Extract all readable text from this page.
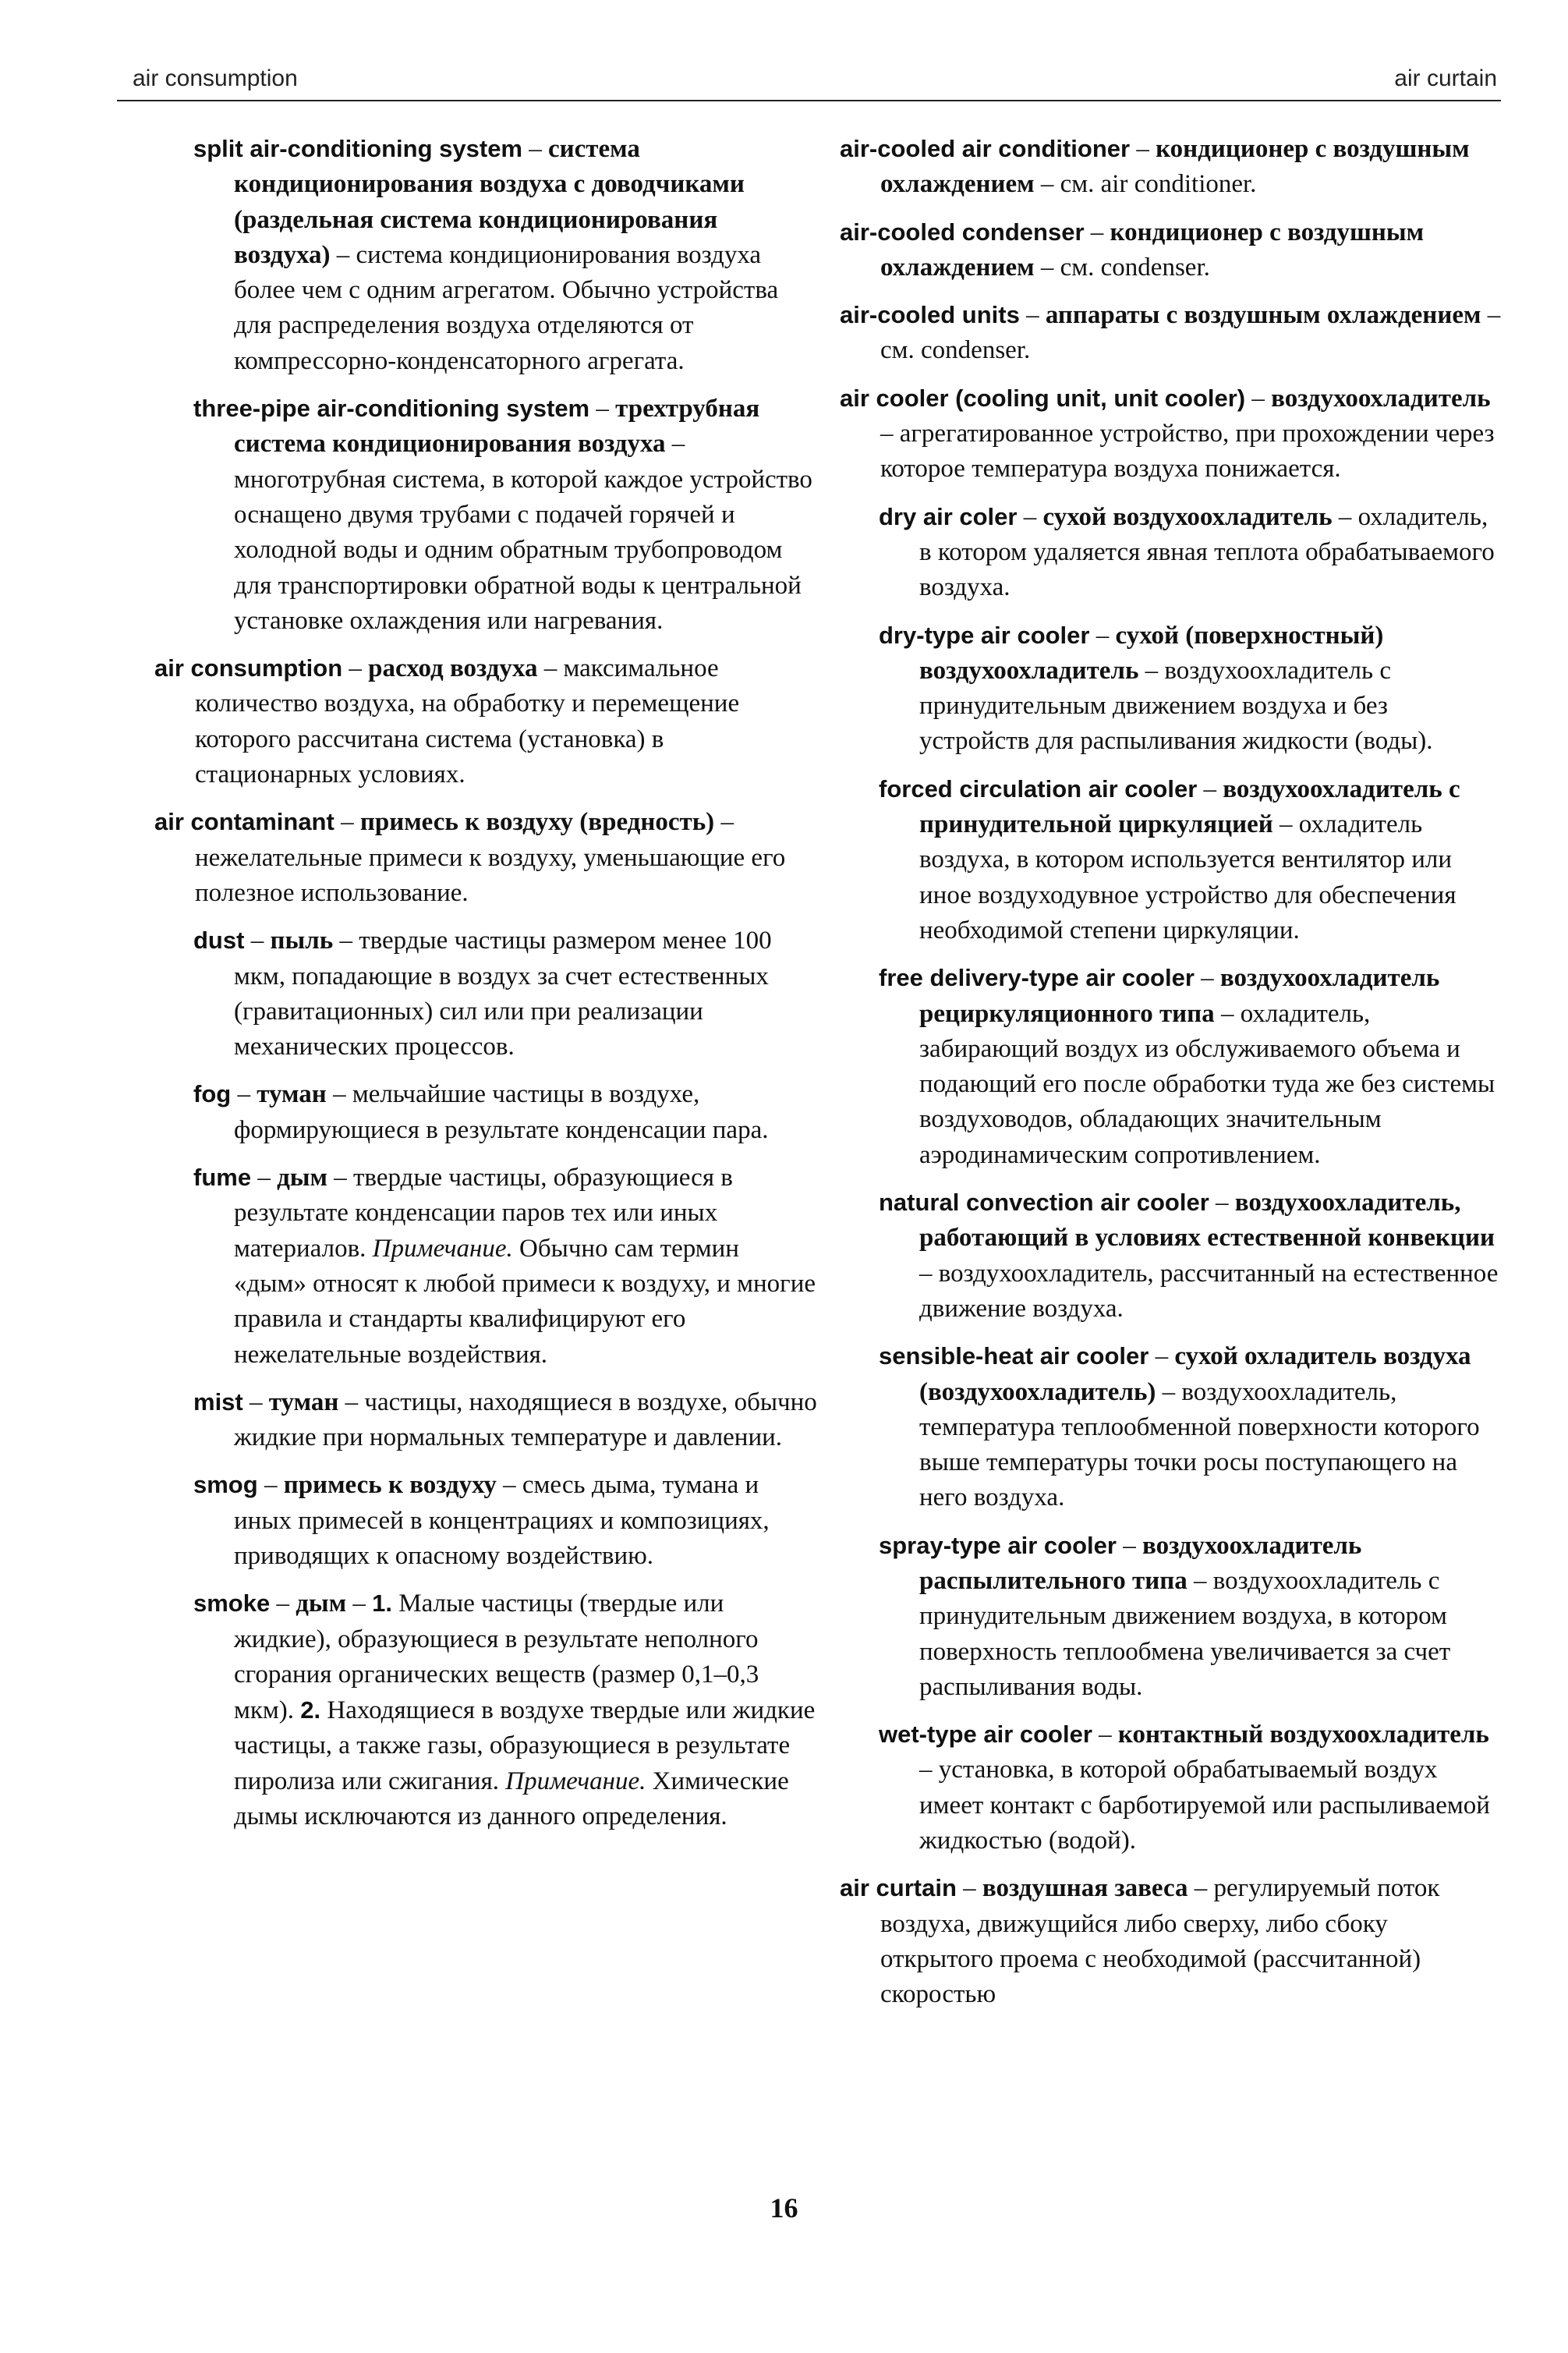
air consumption	air curtain

split air-conditioning system – система кондиционирования воздуха с доводчиками (раздельная система кондиционирования воздуха) – система кондиционирования воздуха более чем с одним агрегатом. Обычно устройства для распределения воздуха отделяются от компрессорно-конденсаторного агрегата.

three-pipe air-conditioning system – трехтрубная система кондиционирования воздуха – многотрубная система, в которой каждое устройство оснащено двумя трубами с подачей горячей и холодной воды и одним обратным трубопроводом для транспортировки обратной воды к центральной установке охлаждения или нагревания.

air consumption – расход воздуха – максимальное количество воздуха, на обработку и перемещение которого рассчитана система (установка) в стационарных условиях.

air contaminant – примесь к воздуху (вредность) – нежелательные примеси к воздуху, уменьшающие его полезное использование.

dust – пыль – твердые частицы размером менее 100 мкм, попадающие в воздух за счет естественных (гравитационных) сил или при реализации механических процессов.

fog – туман – мельчайшие частицы в воздухе, формирующиеся в результате конденсации пара.

fume – дым – твердые частицы, образующиеся в результате конденсации паров тех или иных материалов. Примечание. Обычно сам термин «дым» относят к любой примеси к воздуху, и многие правила и стандарты квалифицируют его нежелательные воздействия.

mist – туман – частицы, находящиеся в воздухе, обычно жидкие при нормальных температуре и давлении.

smog – примесь к воздуху – смесь дыма, тумана и иных примесей в концентрациях и композициях, приводящих к опасному воздействию.

smoke – дым – 1. Малые частицы (твердые или жидкие), образующиеся в результате неполного сгорания органических веществ (размер 0,1–0,3 мкм). 2. Находящиеся в воздухе твердые или жидкие частицы, а также газы, образующиеся в результате пиролиза или сжигания. Примечание. Химические дымы исключаются из данного определения.

air-cooled air conditioner – кондиционер с воздушным охлаждением – см. air conditioner.

air-cooled condenser – кондиционер с воздушным охлаждением – см. condenser.

air-cooled units – аппараты с воздушным охлаждением – см. condenser.

air cooler (cooling unit, unit cooler) – воздухоохладитель – агрегатированное устройство, при прохождении через которое температура воздуха понижается.

dry air coler – сухой воздухоохладитель – охладитель, в котором удаляется явная теплота обрабатываемого воздуха.

dry-type air cooler – сухой (поверхностный) воздухоохладитель – воздухоохладитель с принудительным движением воздуха и без устройств для распыливания жидкости (воды).

forced circulation air cooler – воздухоохладитель с принудительной циркуляцией – охладитель воздуха, в котором используется вентилятор или иное воздуходувное устройство для обеспечения необходимой степени циркуляции.

free delivery-type air cooler – воздухоохладитель рециркуляционного типа – охладитель, забирающий воздух из обслуживаемого объема и подающий его после обработки туда же без системы воздуховодов, обладающих значительным аэродинамическим сопротивлением.

natural convection air cooler – воздухоохладитель, работающий в условиях естественной конвекции – воздухоохладитель, рассчитанный на естественное движение воздуха.

sensible-heat air cooler – сухой охладитель воздуха (воздухоохладитель) – воздухоохладитель, температура теплообменной поверхности которого выше температуры точки росы поступающего на него воздуха.

spray-type air cooler – воздухоохладитель распылительного типа – воздухоохладитель с принудительным движением воздуха, в котором поверхность теплообмена увеличивается за счет распыливания воды.

wet-type air cooler – контактный воздухоохладитель – установка, в которой обрабатываемый воздух имеет контакт с барботируемой или распыливаемой жидкостью (водой).

air curtain – воздушная завеса – регулируемый поток воздуха, движущийся либо сверху, либо сбоку открытого проема с необходимой (рассчитанной) скоростью

16
